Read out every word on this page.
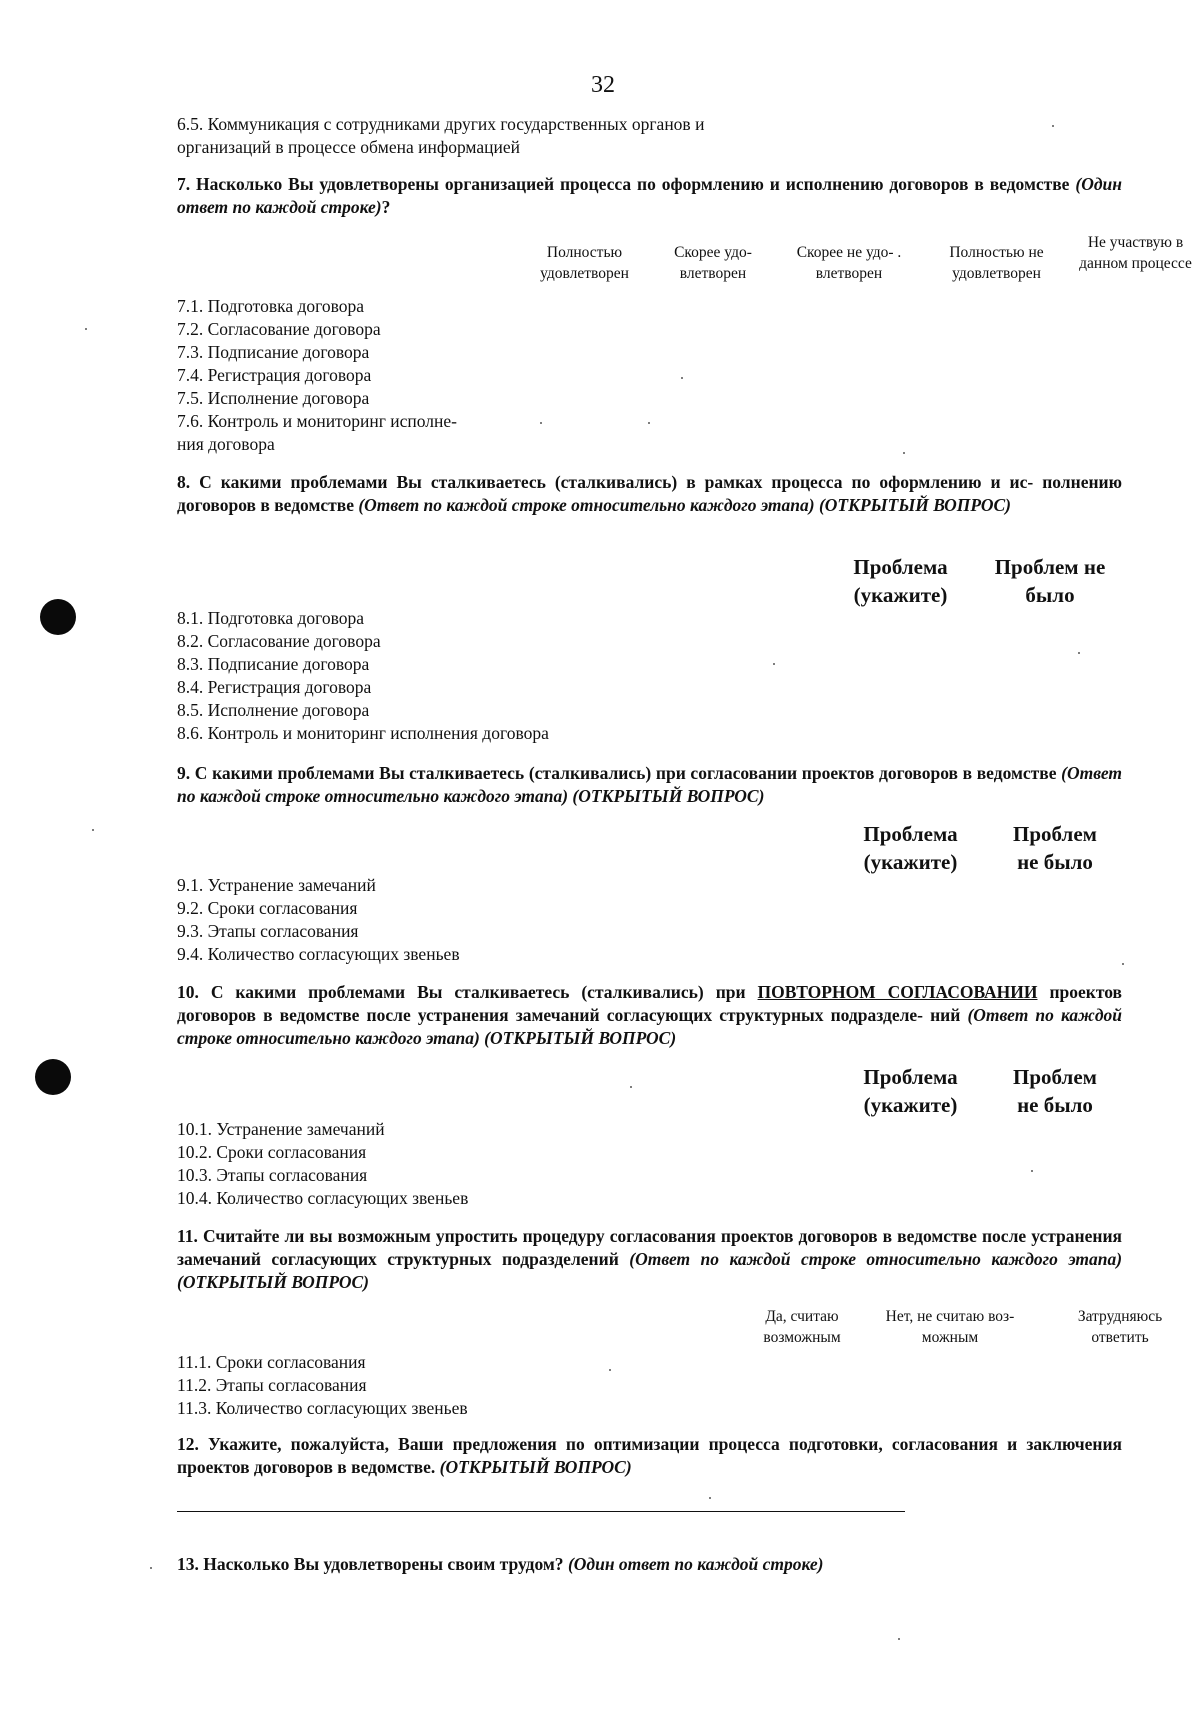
32
6.5. Коммуникация с сотрудниками других государственных органов и
организаций в процессе обмена информацией
7. Насколько Вы удовлетворены организацией процесса по оформлению и исполнению договоров в ведомстве (Один ответ по каждой строке)?
Полностью удовлетворен
Скорее удо- влетворен
Скорее не удо- . влетворен
Полностью не удовлетворен
Не участвую в данном процессе
7.1. Подготовка договора
7.2. Согласование договора
7.3. Подписание договора
7.4. Регистрация договора
7.5. Исполнение договора
7.6. Контроль и мониторинг исполне-
ния договора
8. С какими проблемами Вы сталкиваетесь (сталкивались) в рамках процесса по оформлению и ис- полнению договоров в ведомстве (Ответ по каждой строке относительно каждого этапа) (ОТКРЫТЫЙ ВОПРОС)
Проблема (укажите)
Проблем не было
8.1. Подготовка договора
8.2. Согласование договора
8.3. Подписание договора
8.4. Регистрация договора
8.5. Исполнение договора
8.6. Контроль и мониторинг исполнения договора
9. С какими проблемами Вы сталкиваетесь (сталкивались) при согласовании проектов договоров в ведомстве (Ответ по каждой строке относительно каждого этапа) (ОТКРЫТЫЙ ВОПРОС)
Проблема (укажите)
Проблем не было
9.1. Устранение замечаний
9.2. Сроки согласования
9.3. Этапы согласования
9.4. Количество согласующих звеньев
10. С какими проблемами Вы сталкиваетесь (сталкивались) при ПОВТОРНОМ СОГЛАСОВАНИИ проектов договоров в ведомстве после устранения замечаний согласующих структурных подразделе- ний (Ответ по каждой строке относительно каждого этапа) (ОТКРЫТЫЙ ВОПРОС)
Проблема (укажите)
Проблем не было
10.1. Устранение замечаний
10.2. Сроки согласования
10.3. Этапы согласования
10.4. Количество согласующих звеньев
11. Считайте ли вы возможным упростить процедуру согласования проектов договоров в ведомстве после устранения замечаний согласующих структурных подразделений (Ответ по каждой строке относительно каждого этапа) (ОТКРЫТЫЙ ВОПРОС)
Да, считаю возможным
Нет, не считаю воз- можным
Затрудняюсь ответить
11.1. Сроки согласования
11.2. Этапы согласования
11.3. Количество согласующих звеньев
12. Укажите, пожалуйста, Ваши предложения по оптимизации процесса подготовки, согласования и заключения проектов договоров в ведомстве. (ОТКРЫТЫЙ ВОПРОС)
13. Насколько Вы удовлетворены своим трудом? (Один ответ по каждой строке)
